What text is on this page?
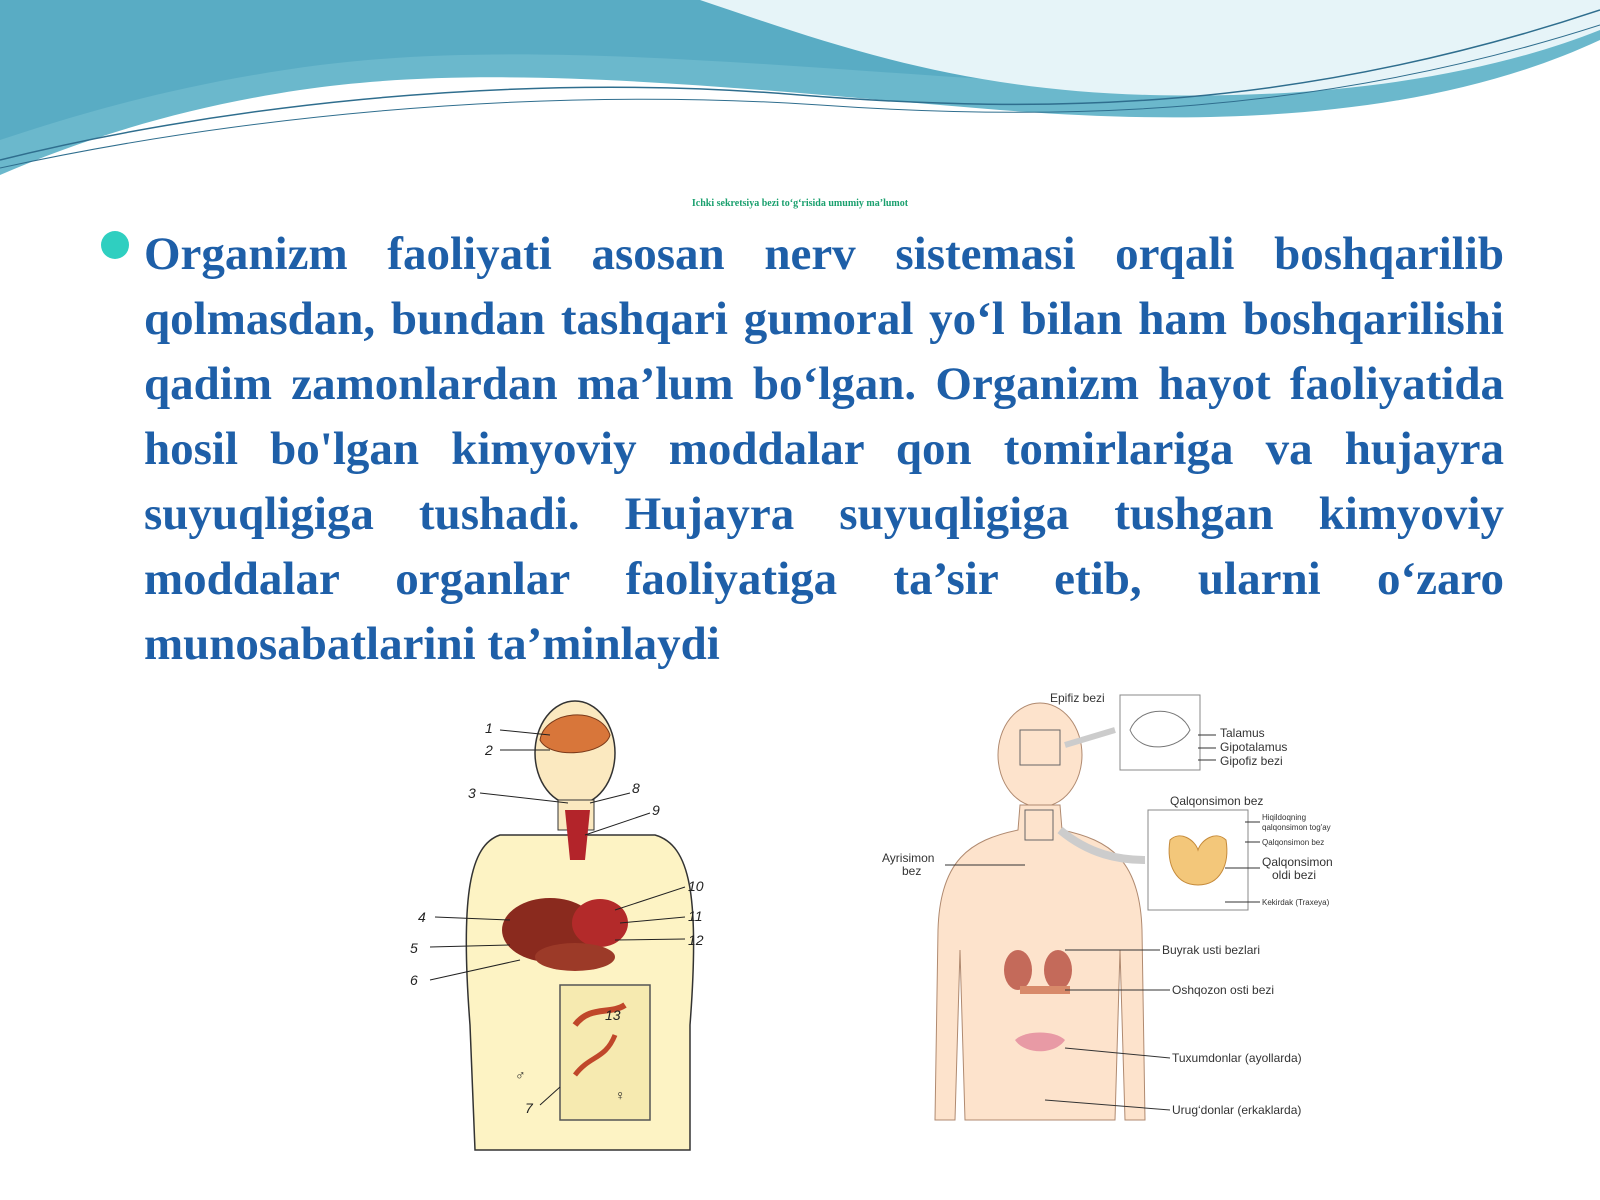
Ichki sekretsiya bezi to‘g‘risida umumiy ma’lumot

Organizm faoliyati asosan nerv sistemasi orqali boshqarilib qolmasdan, bundan tashqari gumoral yo‘l bilan ham boshqarilishi qadim zamonlardan ma’lum bo‘lgan. Organizm hayot faoliyatida hosil bo'lgan kimyoviy moddalar qon tomirlariga va hujayra suyuqligiga tushadi. Hujayra suyuqligiga tushgan kimyoviy moddalar organlar faoliyatiga ta’sir etib, ularni o‘zaro munosabatlarini ta’minlaydi

1
2
3
4
5
6
7
8
9
10
11
12
13
♂
♀
Epifiz bezi
Talamus
Gipotalamus
Gipofiz bezi
Qalqonsimon bez
Hiqildoqning
qalqonsimon tog'ay
Qalqonsimon bez
Qalqonsimon
oldi bezi
Kekirdak (Traxeya)
Ayrisimon
bez
Buyrak usti bezlari
Oshqozon osti bezi
Tuxumdonlar (ayollarda)
Urug‘donlar (erkaklarda)
